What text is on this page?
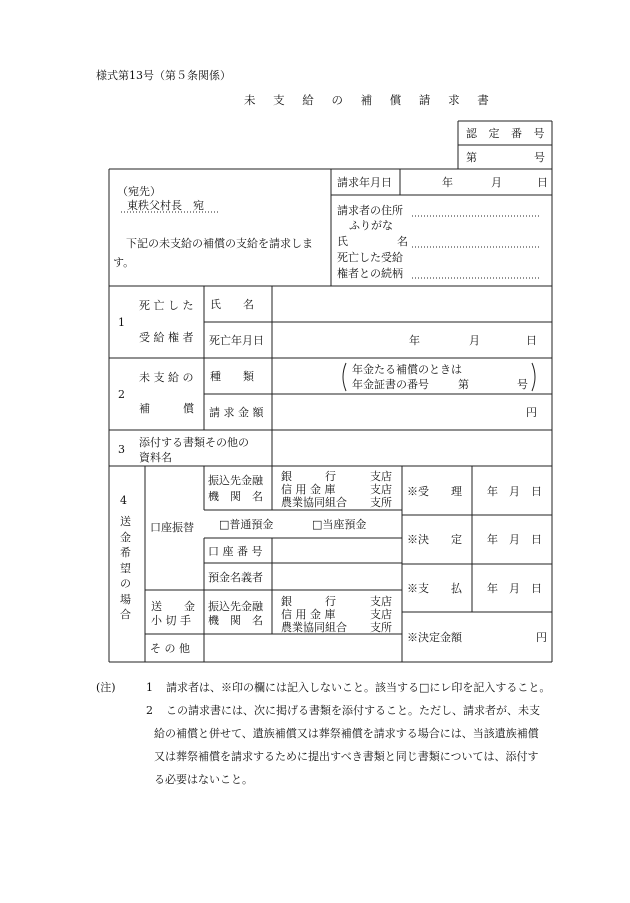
様式第13号（第５条関係）
未 支 給 の 補 償 請 求 書
認 定 番 号
第	号
（宛先）
東秩父村長　宛
下記の未支給の補償の支給を請求しま
す。
請求年月日	年	月	日
請求者の住所
ふりがな
氏	名
死亡した受給
権者との続柄
1
死 亡 し た
受 給 権 者
氏　　名
死亡年月日	年	月	日
2
未 支 給 の
補　　　償
種　　類
年金たる補償のときは
年金証書の番号	第	号
請 求 金 額	円
3
添付する書類その他の
資料名
4
送
金
希
望
の
場
合
口座振替
振込先金融
機　関　名
銀　　　行	支店
信 用 金 庫	支店
農業協同組合 支所
□普通預金	□当座預金
口 座 番 号
預金名義者
送　　金
小 切 手
振込先金融
機　関　名
銀　　　行	支店
信 用 金 庫	支店
農業協同組合 支所
そ の 他
※受　　理 年　月　日
※決　　定 年　月　日
※支　　払 年　月　日
※決定金額	円
(注)	1 請求者は、※印の欄には記入しないこと。該当する□にレ印を記入すること。
2 この請求書には、次に掲げる書類を添付すること。ただし、請求者が、未支
給の補償と併せて、遺族補償又は葬祭補償を請求する場合には、当該遺族補償
又は葬祭補償を請求するために提出すべき書類と同じ書類については、添付す
る必要はないこと。
